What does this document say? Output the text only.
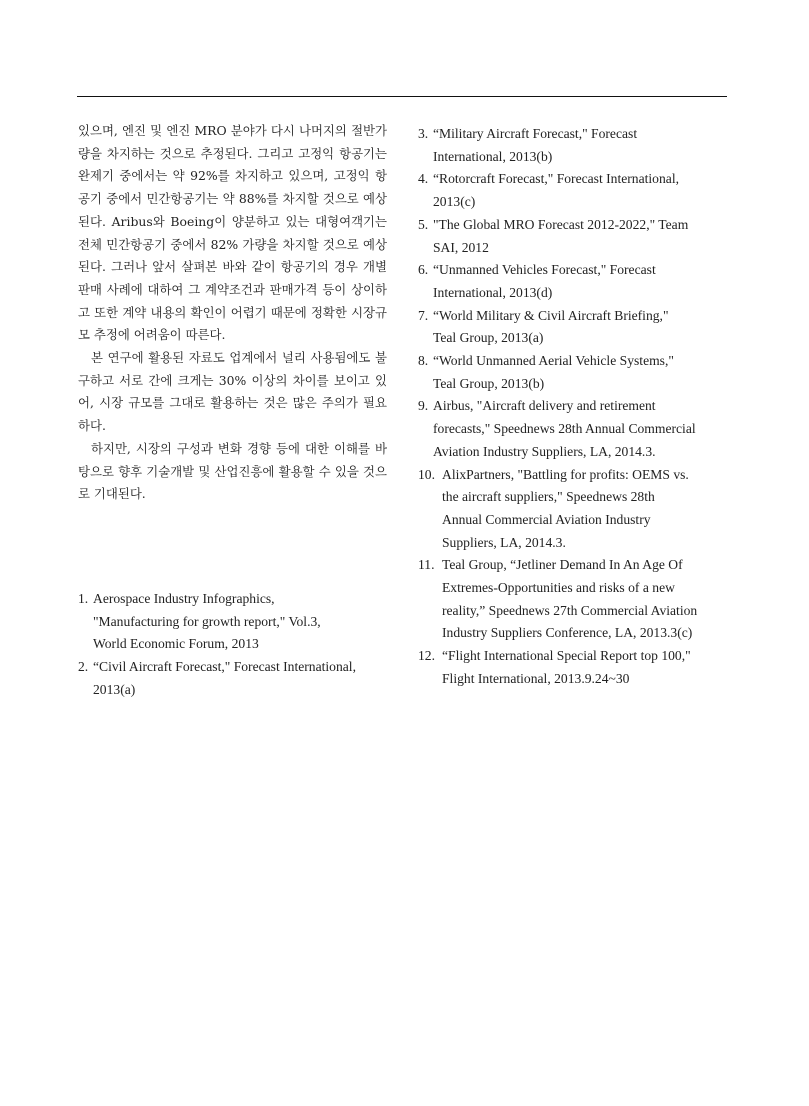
있으며, 엔진 및 엔진 MRO 분야가 다시 나머지의 절반가량을 차지하는 것으로 추정된다. 그리고 고정익 항공기는 완제기 중에서는 약 92%를 차지하고 있으며, 고정익 항공기 중에서 민간항공기는 약 88%를 차지할 것으로 예상된다. Aribus와 Boeing이 양분하고 있는 대형여객기는 전체 민간항공기 중에서 82% 가량을 차지할 것으로 예상된다. 그러나 앞서 살펴본 바와 같이 항공기의 경우 개별 판매 사례에 대하여 그 계약조건과 판매가격 등이 상이하고 또한 계약 내용의 확인이 어렵기 때문에 정확한 시장규모 추정에 어려움이 따른다.

본 연구에 활용된 자료도 업계에서 널리 사용됨에도 불구하고 서로 간에 크게는 30% 이상의 차이를 보이고 있어, 시장 규모를 그대로 활용하는 것은 많은 주의가 필요하다.

하지만, 시장의 구성과 변화 경향 등에 대한 이해를 바탕으로 향후 기술개발 및 산업진흥에 활용할 수 있을 것으로 기대된다.

1. Aerospace Industry Infographics,
"Manufacturing for growth report," Vol.3,
World Economic Forum, 2013
2. “Civil Aircraft Forecast," Forecast International,
2013(a)
3. “Military Aircraft Forecast," Forecast
International, 2013(b)
4. “Rotorcraft Forecast," Forecast International,
2013(c)
5. "The Global MRO Forecast 2012-2022," Team
SAI, 2012
6. “Unmanned Vehicles Forecast," Forecast
International, 2013(d)
7. “World Military & Civil Aircraft Briefing,"
Teal Group, 2013(a)
8. “World Unmanned Aerial Vehicle Systems,"
Teal Group, 2013(b)
9. Airbus, "Aircraft delivery and retirement
forecasts," Speednews 28th Annual Commercial
Aviation Industry Suppliers, LA, 2014.3.
10. AlixPartners, "Battling for profits: OEMS vs.
the aircraft suppliers," Speednews 28th
Annual Commercial Aviation Industry
Suppliers, LA, 2014.3.
11. Teal Group, “Jetliner Demand In An Age Of
Extremes-Opportunities and risks of a new
reality,” Speednews 27th Commercial Aviation
Industry Suppliers Conference, LA, 2013.3(c)
12. “Flight International Special Report top 100,"
Flight International, 2013.9.24~30
